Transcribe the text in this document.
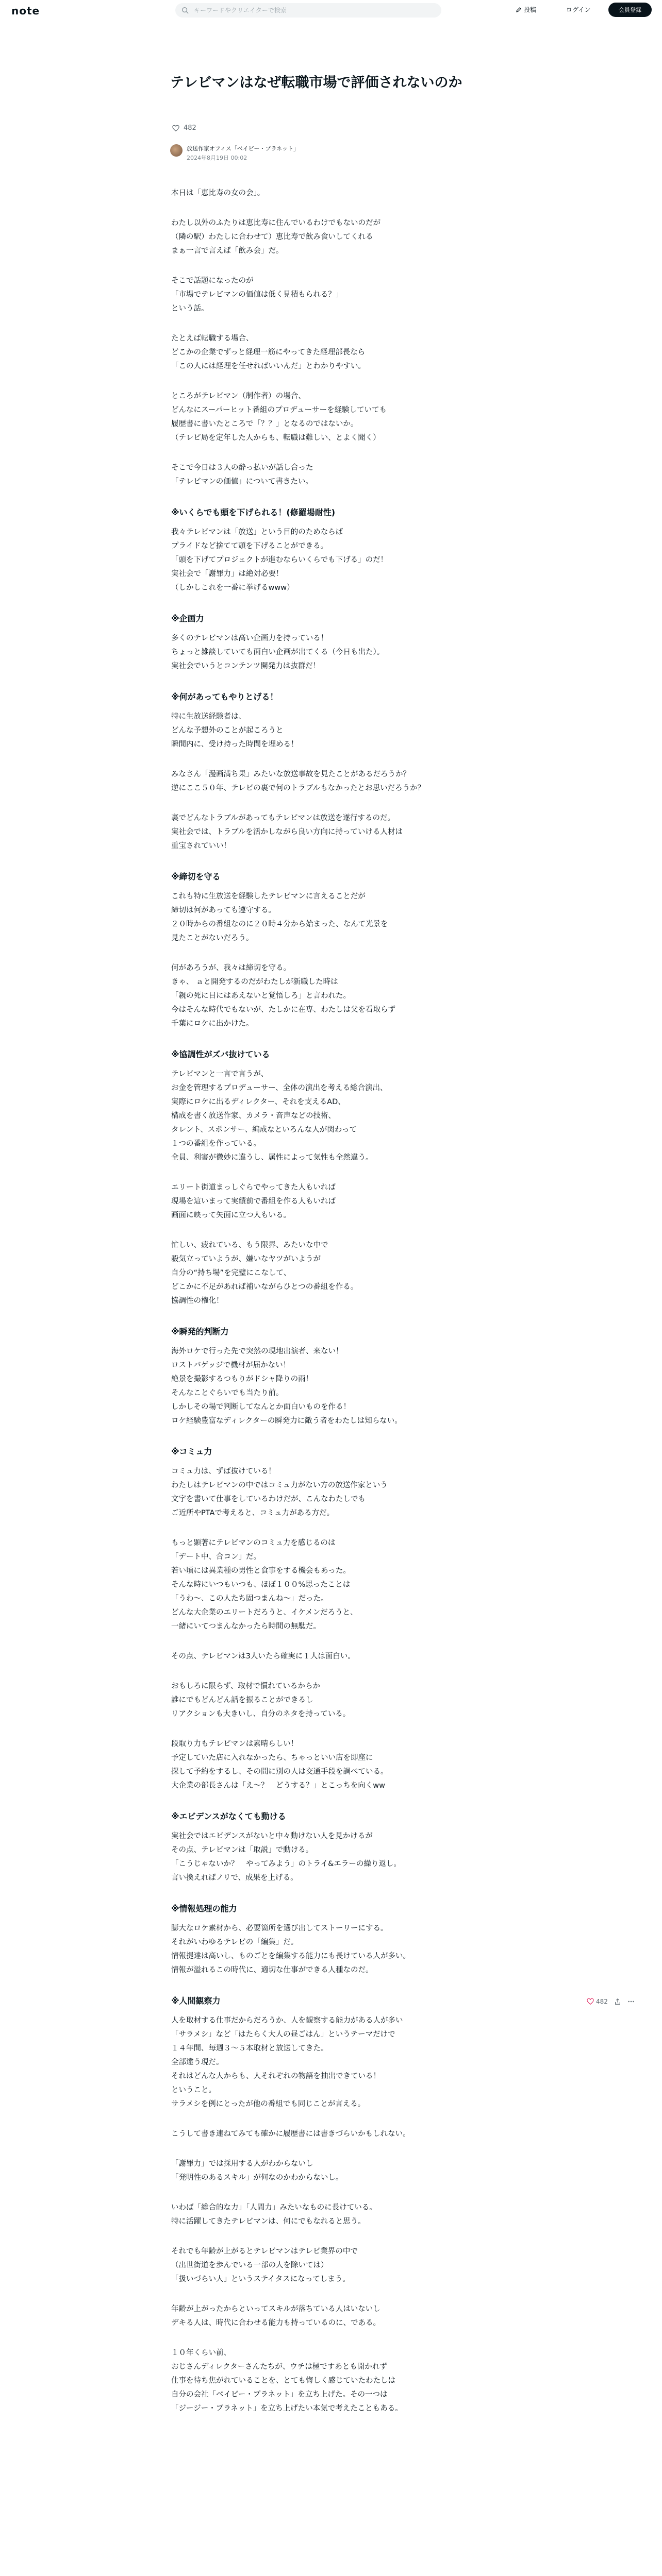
note
キーワードやクリエイターで検索	投稿	ログイン	会員登録
テレビマンはなぜ転職市場で評価されないのか
482
放送作家オフィス「ベイビー・プラネット」
2024年8月19日 00:02

本日は「恵比寿の女の会」。

わたし以外のふたりは恵比寿に住んでいるわけでもないのだが
（隣の駅）わたしに合わせて）恵比寿で飲み食いしてくれる
まぁ一言で言えば「飲み会」だ。

そこで話題になったのが
「市場でテレビマンの価値は低く見積もられる？」
という話。

たとえば転職する場合、
どこかの企業でずっと経理一筋にやってきた経理部長なら
「この人には経理を任せればいいんだ」とわかりやすい。

ところがテレビマン（制作者）の場合、
どんなにスーパーヒット番組のプロデューサーを経験していても
履歴書に書いたところで「？？」となるのではないか。
（テレビ局を定年した人からも、転職は難しい、とよく聞く）

そこで今日は３人の酔っ払いが話し合った
「テレビマンの価値」について書きたい。

※いくらでも頭を下げられる！(修羅場耐性)

我々テレビマンは「放送」という目的のためならば
プライドなど捨てて頭を下げることができる。
「頭を下げてプロジェクトが進むならいくらでも下げる」のだ！
実社会で「謝罪力」は絶対必要！
（しかしこれを一番に挙げるwww）

※企画力

多くのテレビマンは高い企画力を持っている！
ちょっと雑談していても面白い企画が出てくる（今日も出た）。
実社会でいうとコンテンツ開発力は抜群だ！

※何があってもやりとげる！

特に生放送経験者は、
どんな予想外のことが起ころうと
瞬間内に、受け持った時間を埋める！

みなさん「漫画満ち果」みたいな放送事故を見たことがあるだろうか？
逆にここ５０年、テレビの裏で何のトラブルもなかったとお思いだろうか？

裏でどんなトラブルがあってもテレビマンは放送を遂行するのだ。
実社会では、トラブルを活かしながら良い方向に持っていける人材は
重宝されていい！

※締切を守る

これも特に生放送を経験したテレビマンに言えることだが
締切は何があっても遵守する。
２０時からの番組なのに２０時４分から始まった、なんて光景を
見たことがないだろう。

何があろうが、我々は締切を守る。
きゃ、 ａと開発するのだがわたしが新職した時は
「親の死に目にはあえないと覚悟しろ」と言われた。
今はそんな時代でもないが、たしかに在専、わたしは父を看取らず
千葉にロケに出かけた。

※協調性がズバ抜けている

テレビマンと一言で言うが、
お金を管理するプロデューサー、全体の演出を考える総合演出、
実際にロケに出るディレクター、それを支えるAD、
構成を書く放送作家、カメラ・音声などの技術、
タレント、スポンサー、編成なといろんな人が関わって
１つの番組を作っている。
全員、利害が微妙に違うし、属性によって気性も全然違う。

エリート街道まっしぐらでやってきた人もいれば
現場を這いまって実績前で番組を作る人もいれば
画面に映って矢面に立つ人もいる。

忙しい、疲れている、もう限界、みたいな中で
殺気立っていようが、嫌いなヤツがいようが
自分の“持ち場”を完璧にこなして、
どこかに不足があれば補いながらひとつの番組を作る。
協調性の権化！

※瞬発的判断力

海外ロケで行った先で突然の現地出演者、来ない！
ロストバゲッジで機材が届かない！
絶景を撮影するつもりがドシャ降りの雨！
そんなことぐらいでも当たり前。
しかしその場で判断してなんとか面白いものを作る！
ロケ経験豊富なディレクターの瞬発力に敵う者をわたしは知らない。

※コミュ力

コミュ力は、ずば抜けている！
わたしはテレビマンの中ではコミュ力がない方の放送作家という
文字を書いて仕事をしているわけだが、こんなわたしでも
ご近所やPTAで考えると、コミュ力がある方だ。

もっと顕著にテレビマンのコミュ力を感じるのは
「デート中、合コン」だ。
若い頃には異業種の男性と食事をする機会もあった。
そんな時にいつもいつも、ほぼ１００%思ったことは
「うわ～、この人たち固つまんね～」だった。
どんな大企業のエリートだろうと、イケメンだろうと、
一緒にいてつまんなかったら時間の無駄だ。

その点、テレビマンは3人いたら確実に１人は面白い。

おもしろに限らず、取材で慣れているからか
誰にでもどんどん話を振ることができるし
リアクションも大きいし、自分のネタを持っている。

段取り力もテレビマンは素晴らしい！
予定していた店に入れなかったら、ちゃっといい店を即座に
探して予約をするし、その間に別の人は交通手段を調べている。
大企業の部長さんは「え～？　どうする？」とこっちを向くww

※エビデンスがなくても動ける

実社会ではエビデンスがないと中々動けない人を見かけるが
その点、テレビマンは「取説」で動ける。
「こうじゃないか？　やってみよう」のトライ&エラーの繰り返し。
言い換えればノリで、成果を上げる。

※情報処理の能力

膨大なロケ素材から、必要箇所を選び出してストーリーにする。
それがいわゆるテレビの「編集」だ。
情報提達は高いし、ものごとを編集する能力にも長けている人が多い。
情報が溢れるこの時代に、適切な仕事ができる人種なのだ。

※人間観察力

人を取材する仕事だからだろうか、人を観察する能力がある人が多い
「サラメシ」など「はたらく大人の昼ごはん」というテーマだけで
１４年間、毎週３～５本取材と放送してきた。
全部違う現だ。
それはどんな人からも、人それぞれの物語を抽出できている！
ということ。
サラメシを例にとったが他の番組でも同じことが言える。

こうして書き連ねてみても確かに履歴書には書きづらいかもしれない。

「謝罪力」では採用する人がわからないし
「発明性のあるスキル」が何なのかわからないし。

いわば「総合的な力」「人間力」みたいなものに長けている。
特に活躍してきたテレビマンは、何にでもなれると思う。

それでも年齢が上がるとテレビマンはテレビ業界の中で
（出世街道を歩んでいる一部の人を除いては）
「扱いづらい人」というステイタスになってしまう。

年齢が上がったからといってスキルが落ちている人はいないし
デキる人は、時代に合わせる能力も持っているのに、である。

１０年くらい前、
おじさんディレクターさんたちが、ウチは極ですあとも開かれず
仕事を待ち焦がれていることを、とても悔しく感じていたわたしは
自分の会社「ベイビー・プラネット」を立ち上げた。その一つは
「ジージー・プラネット」を立ち上げたい本気で考えたこともある。

482
